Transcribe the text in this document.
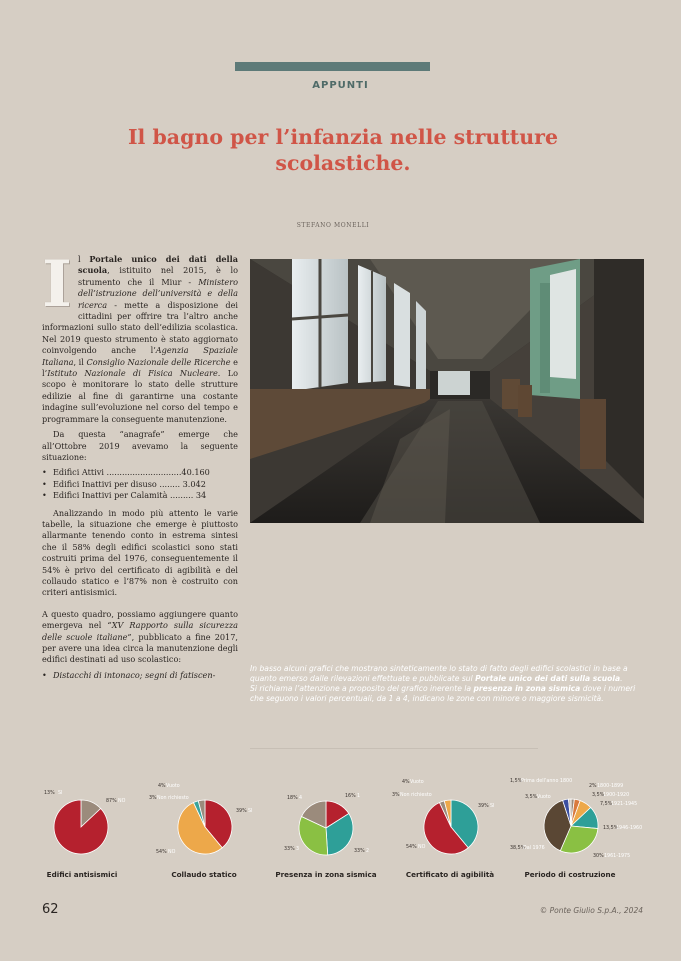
APPUNTI
Il bagno per l’infanzia nelle strutture scolastiche.
STEFANO MONELLI

Il Portale unico dei dati della scuola, istituito nel 2015, è lo strumento che il Miur - Ministero dell’istruzione dell’università e della ricerca - mette a disposizione dei cittadini per offrire tra l’altro anche informazioni sullo stato dell’edilizia scolastica. Nel 2019 questo strumento è stato aggiornato coinvolgendo anche l’Agenzia Spaziale Italiana, il Consiglio Nazionale delle Ricerche e l’Istituto Nazionale di Fisica Nucleare. Lo scopo è monitorare lo stato delle strutture edilizie al fine di garantirne una costante indagine sull’evoluzione nel corso del tempo e programmare la conseguente manutenzione.

Da questa “anagrafe” emerge che all’Ottobre 2019 avevamo la seguente situazione:

• Edifici Attivi .............................40.160
• Edifici Inattivi per disuso ........ 3.042
• Edifici Inattivi per Calamità ......... 34

Analizzando in modo più attento le varie tabelle, la situazione che emerge è piuttosto allarmante tenendo conto in estrema sintesi che il 58% degli edifici scolastici sono stati costruiti prima del 1976, conseguentemente il 54% è privo del certificato di agibilità e del collaudo statico e l’87% non è costruito con criteri antisismici.

A questo quadro, possiamo aggiungere quanto emergeva nel “XV Rapporto sulla sicurezza delle scuole italiane”, pubblicato a fine 2017, per avere una idea circa la manutenzione degli edifici destinati ad uso scolastico:

• Distacchi di intonaco; segni di fatiscen-

In basso alcuni grafici che mostrano sinteticamente lo stato di fatto degli edifici scolastici in base a quanto emerso dalle rilevazioni effettuate e pubblicate sul Portale unico dei dati sulla scuola.

Si richiama l’attenzione a proposito del grafico inerente la presenza in zona sismica dove i numeri che seguono i valori percentuali, da 1 a 4, indicano le zone con minore o maggiore sismicità.

13%
87% NO
SI
Edifici antisismici
39% SI
54% NO
3% Non richiesto
4% Vuoto
Collaudo statico
16% 1
33% 2
33% 3
18% 4
Presenza in zona sismica
39% SI
54% NO
3% Non richiesto
4% Vuoto
Certificato di agibilità
2% 1800-1899
3,5%
1900-1920
7,5%
1921-1945
13,5%
1946-1960
30% 1961-1975
38,5%
Dal 1976
3,5% Vuoto
1,5%
Prima dell’anno 1800
Periodo di costruzione
62	© Ponte Giulio S.p.A., 2024
